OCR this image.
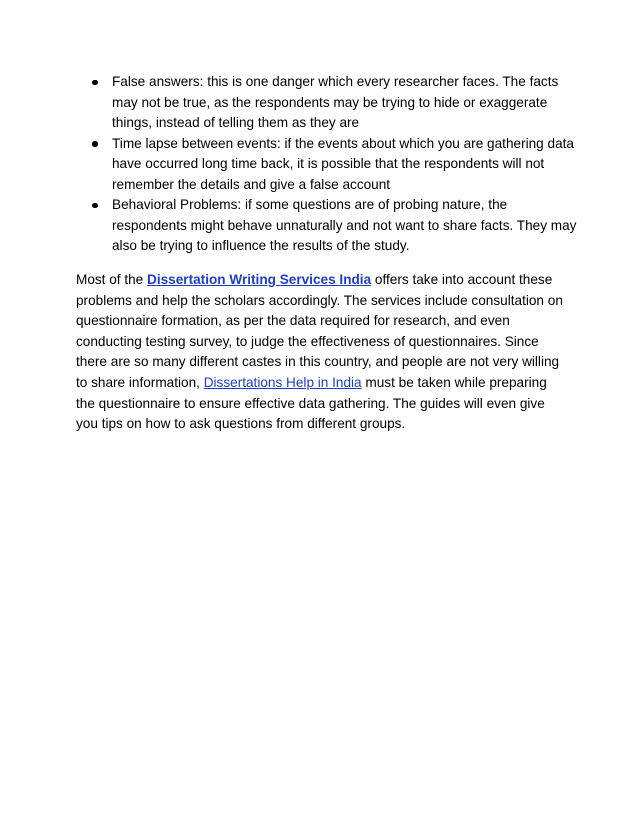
False answers: this is one danger which every researcher faces. The facts may not be true, as the respondents may be trying to hide or exaggerate things, instead of telling them as they are
Time lapse between events: if the events about which you are gathering data have occurred long time back, it is possible that the respondents will not remember the details and give a false account
Behavioral Problems: if some questions are of probing nature, the respondents might behave unnaturally and not want to share facts. They may also be trying to influence the results of the study.

Most of the Dissertation Writing Services India offers take into account these problems and help the scholars accordingly. The services include consultation on questionnaire formation, as per the data required for research, and even conducting testing survey, to judge the effectiveness of questionnaires. Since there are so many different castes in this country, and people are not very willing to share information, Dissertations Help in India must be taken while preparing the questionnaire to ensure effective data gathering. The guides will even give you tips on how to ask questions from different groups.
